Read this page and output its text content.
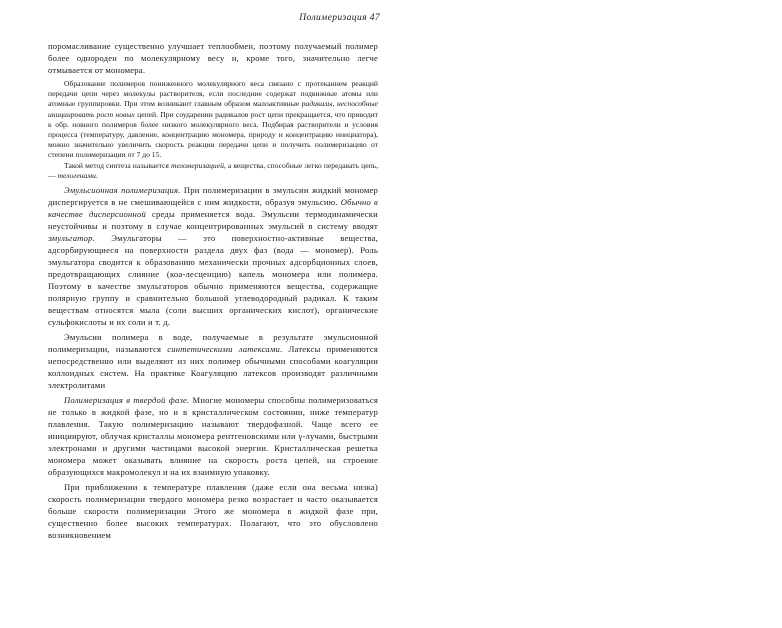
Полимеризация 47

поромасливание существенно улучшает теплообмен, поэтому получаемый полимер более однороден по молекулярному весу и, кроме того, значительно легче отмывается от мономера.

Образование полимеров пониженного молекулярного веса связано с протеканием реакций передачи цепи через молекулы растворителя, если последние содержат подвижные атомы или атомные группировки. При этом возникают главным образом малоактивные радикалы, неспособные инициировать рост новых цепей. При соударении радикалов рост цепи прекращается, что приводит к обр. новного полимеров более низкого молекулярного веса. Подбирая растворители и условия процесса (температуру, давление, концентрацию мономера, природу и концентрацию инициатора), можно значительно увеличить скорость реакции передачи цепи и получить полимеризацию от степени полимеризации от 7 до 15.

Такой метод синтеза называется теломеризацией, а вещества, способные легко передавать цепь, — телогенами.

Эмульсионная полимеризация. При полимеризации в эмульсии жидкий мономер диспергируется в не смешивающейся с ним жидкости, образуя эмульсию. Обычно в качестве дисперсионной среды применяется вода. Эмульсии термодинамически неустойчивы и поэтому в случае концентрированных эмульсий в систему вводят эмульгатор. Эмульгаторы — это поверхностно-активные вещества, адсорбирующиеся на поверхности раздела двух фаз (вода — мономер). Роль эмульгатора сводится к образованию механически прочных адсорбционных слоев, предотвращающих слияние (коа-лесценцию) капель мономера или полимера. Поэтому в качестве эмульгаторов обычно применяются вещества, содержащие полярную группу и сравнительно большой углеводородный радикал. К таким веществам относятся мыла (соли высших органических кислот), органические сульфокислоты и их соли и т. д.

Эмульсии полимера в воде, получаемые в результате эмульсионной полимеризации, называются синтетическими латексами. Латексы применяются непосредственно или выделяют из них полимер обычными способами коагуляции коллоидных систем. На практике Коагуляцию латексов производят различными электролитами

Полимеризация в твердой фазе. Многие мономеры способны полимеризоваться не только в жидкой фазе, но и в кристаллическом состоянии, ниже температур плавления. Такую полимеризацию называют твердофазной. Чаще всего ее инициируют, облучая кристаллы мономера рентгеновскими или γ-лучами, быстрыми электронами и другими частицами высокой энергии. Кристаллическая решетка мономера может оказывать влияние на скорость роста цепей, на строение образующихся макромолекул и на их взаимную упаковку.

При приближении к температуре плавления (даже если она весьма низка) скорость полимеризации твердого мономера резко возрастает и часто оказывается больше скорости полимеризации Этого же мономера в жидкой фазе при, существенно более высоких температурах. Полагают, что это обусловлено возникновением
